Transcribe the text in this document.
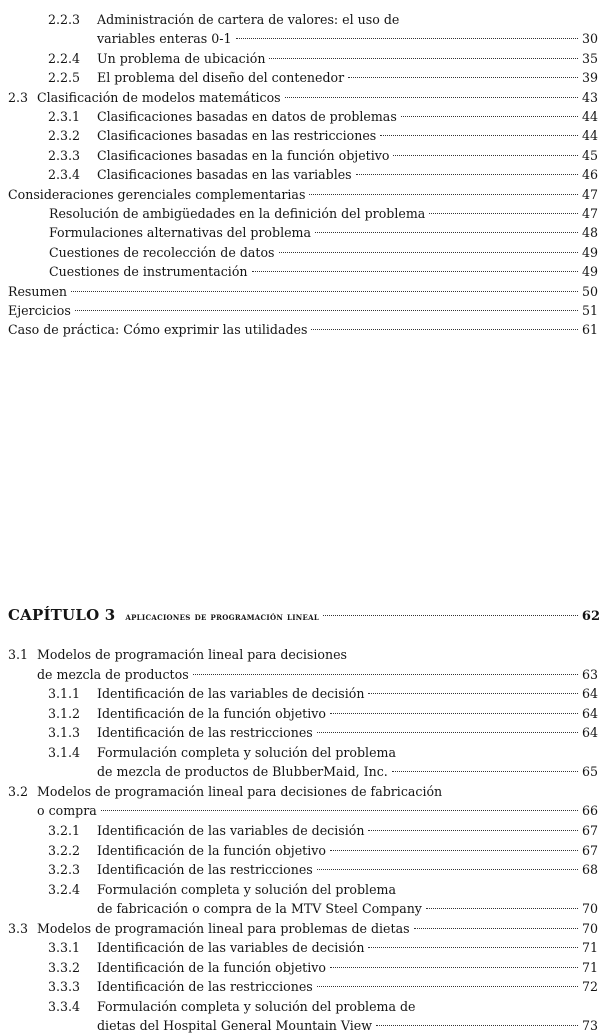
2.2.3 Administración de cartera de valores: el uso de
variables enteras 0-1	30
2.2.4 Un problema de ubicación	35
2.2.5 El problema del diseño del contenedor	39
2.3 Clasificación de modelos matemáticos	43
2.3.1 Clasificaciones basadas en datos de problemas	44
2.3.2 Clasificaciones basadas en las restricciones	44
2.3.3 Clasificaciones basadas en la función objetivo	45
2.3.4 Clasificaciones basadas en las variables	46
Consideraciones gerenciales complementarias	47
Resolución de ambigüedades en la definición del problema	47
Formulaciones alternativas del problema	48
Cuestiones de recolección de datos	49
Cuestiones de instrumentación	49
Resumen	50
Ejercicios	51
Caso de práctica: Cómo exprimir las utilidades	61
CAPÍTULO 3 aplicaciones de programación lineal	62
3.1 Modelos de programación lineal para decisiones
de mezcla de productos	63
3.1.1 Identificación de las variables de decisión	64
3.1.2 Identificación de la función objetivo	64
3.1.3 Identificación de las restricciones	64
3.1.4 Formulación completa y solución del problema
de mezcla de productos de BlubberMaid, Inc.	65
3.2 Modelos de programación lineal para decisiones de fabricación
o compra	66
3.2.1 Identificación de las variables de decisión	67
3.2.2 Identificación de la función objetivo	67
3.2.3 Identificación de las restricciones	68
3.2.4 Formulación completa y solución del problema
de fabricación o compra de la MTV Steel Company	70
3.3 Modelos de programación lineal para problemas de dietas	70
3.3.1 Identificación de las variables de decisión	71
3.3.2 Identificación de la función objetivo	71
3.3.3 Identificación de las restricciones	72
3.3.4 Formulación completa y solución del problema de
dietas del Hospital General Mountain View	73
